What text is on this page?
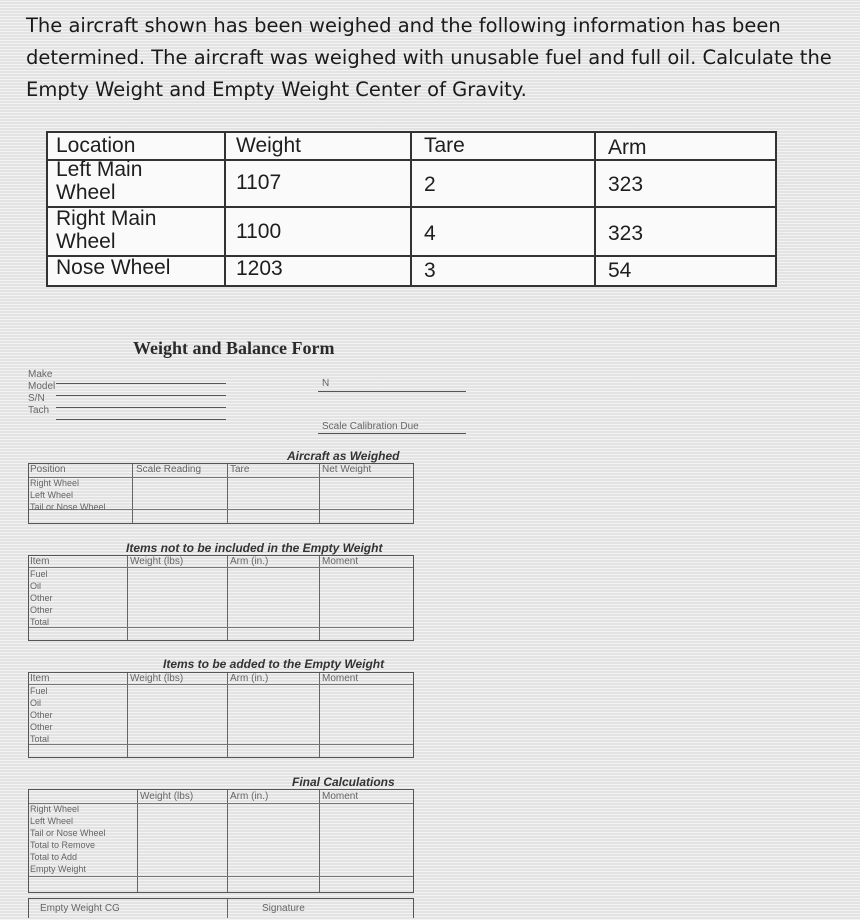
The aircraft shown has been weighed and the following information has been determined. The aircraft was weighed with unusable fuel and full oil. Calculate the Empty Weight and Empty Weight Center of Gravity.
Location	Weight	Tare	Arm
Left Main
Wheel	1107	2	323
Right Main
Wheel	1100	4	323
Nose Wheel	1203	3	54
Weight and Balance Form
Make
Model
S/N
Tach
N
Scale Calibration Due
Aircraft as Weighed
Position	Scale Reading	Tare	Net Weight
Right Wheel
Left Wheel
Tail or Nose Wheel
Items not to be included in the Empty Weight
Item	Weight (lbs)	Arm (in.)	Moment
Fuel
Oil
Other
Other
Total
Items to be added to the Empty Weight
Item	Weight (lbs)	Arm (in.)	Moment
Fuel
Oil
Other
Other
Total
Final Calculations
Weight (lbs)	Arm (in.)	Moment
Right Wheel
Left Wheel
Tail or Nose Wheel
Total to Remove
Total to Add
Empty Weight
Empty Weight CG	Signature
